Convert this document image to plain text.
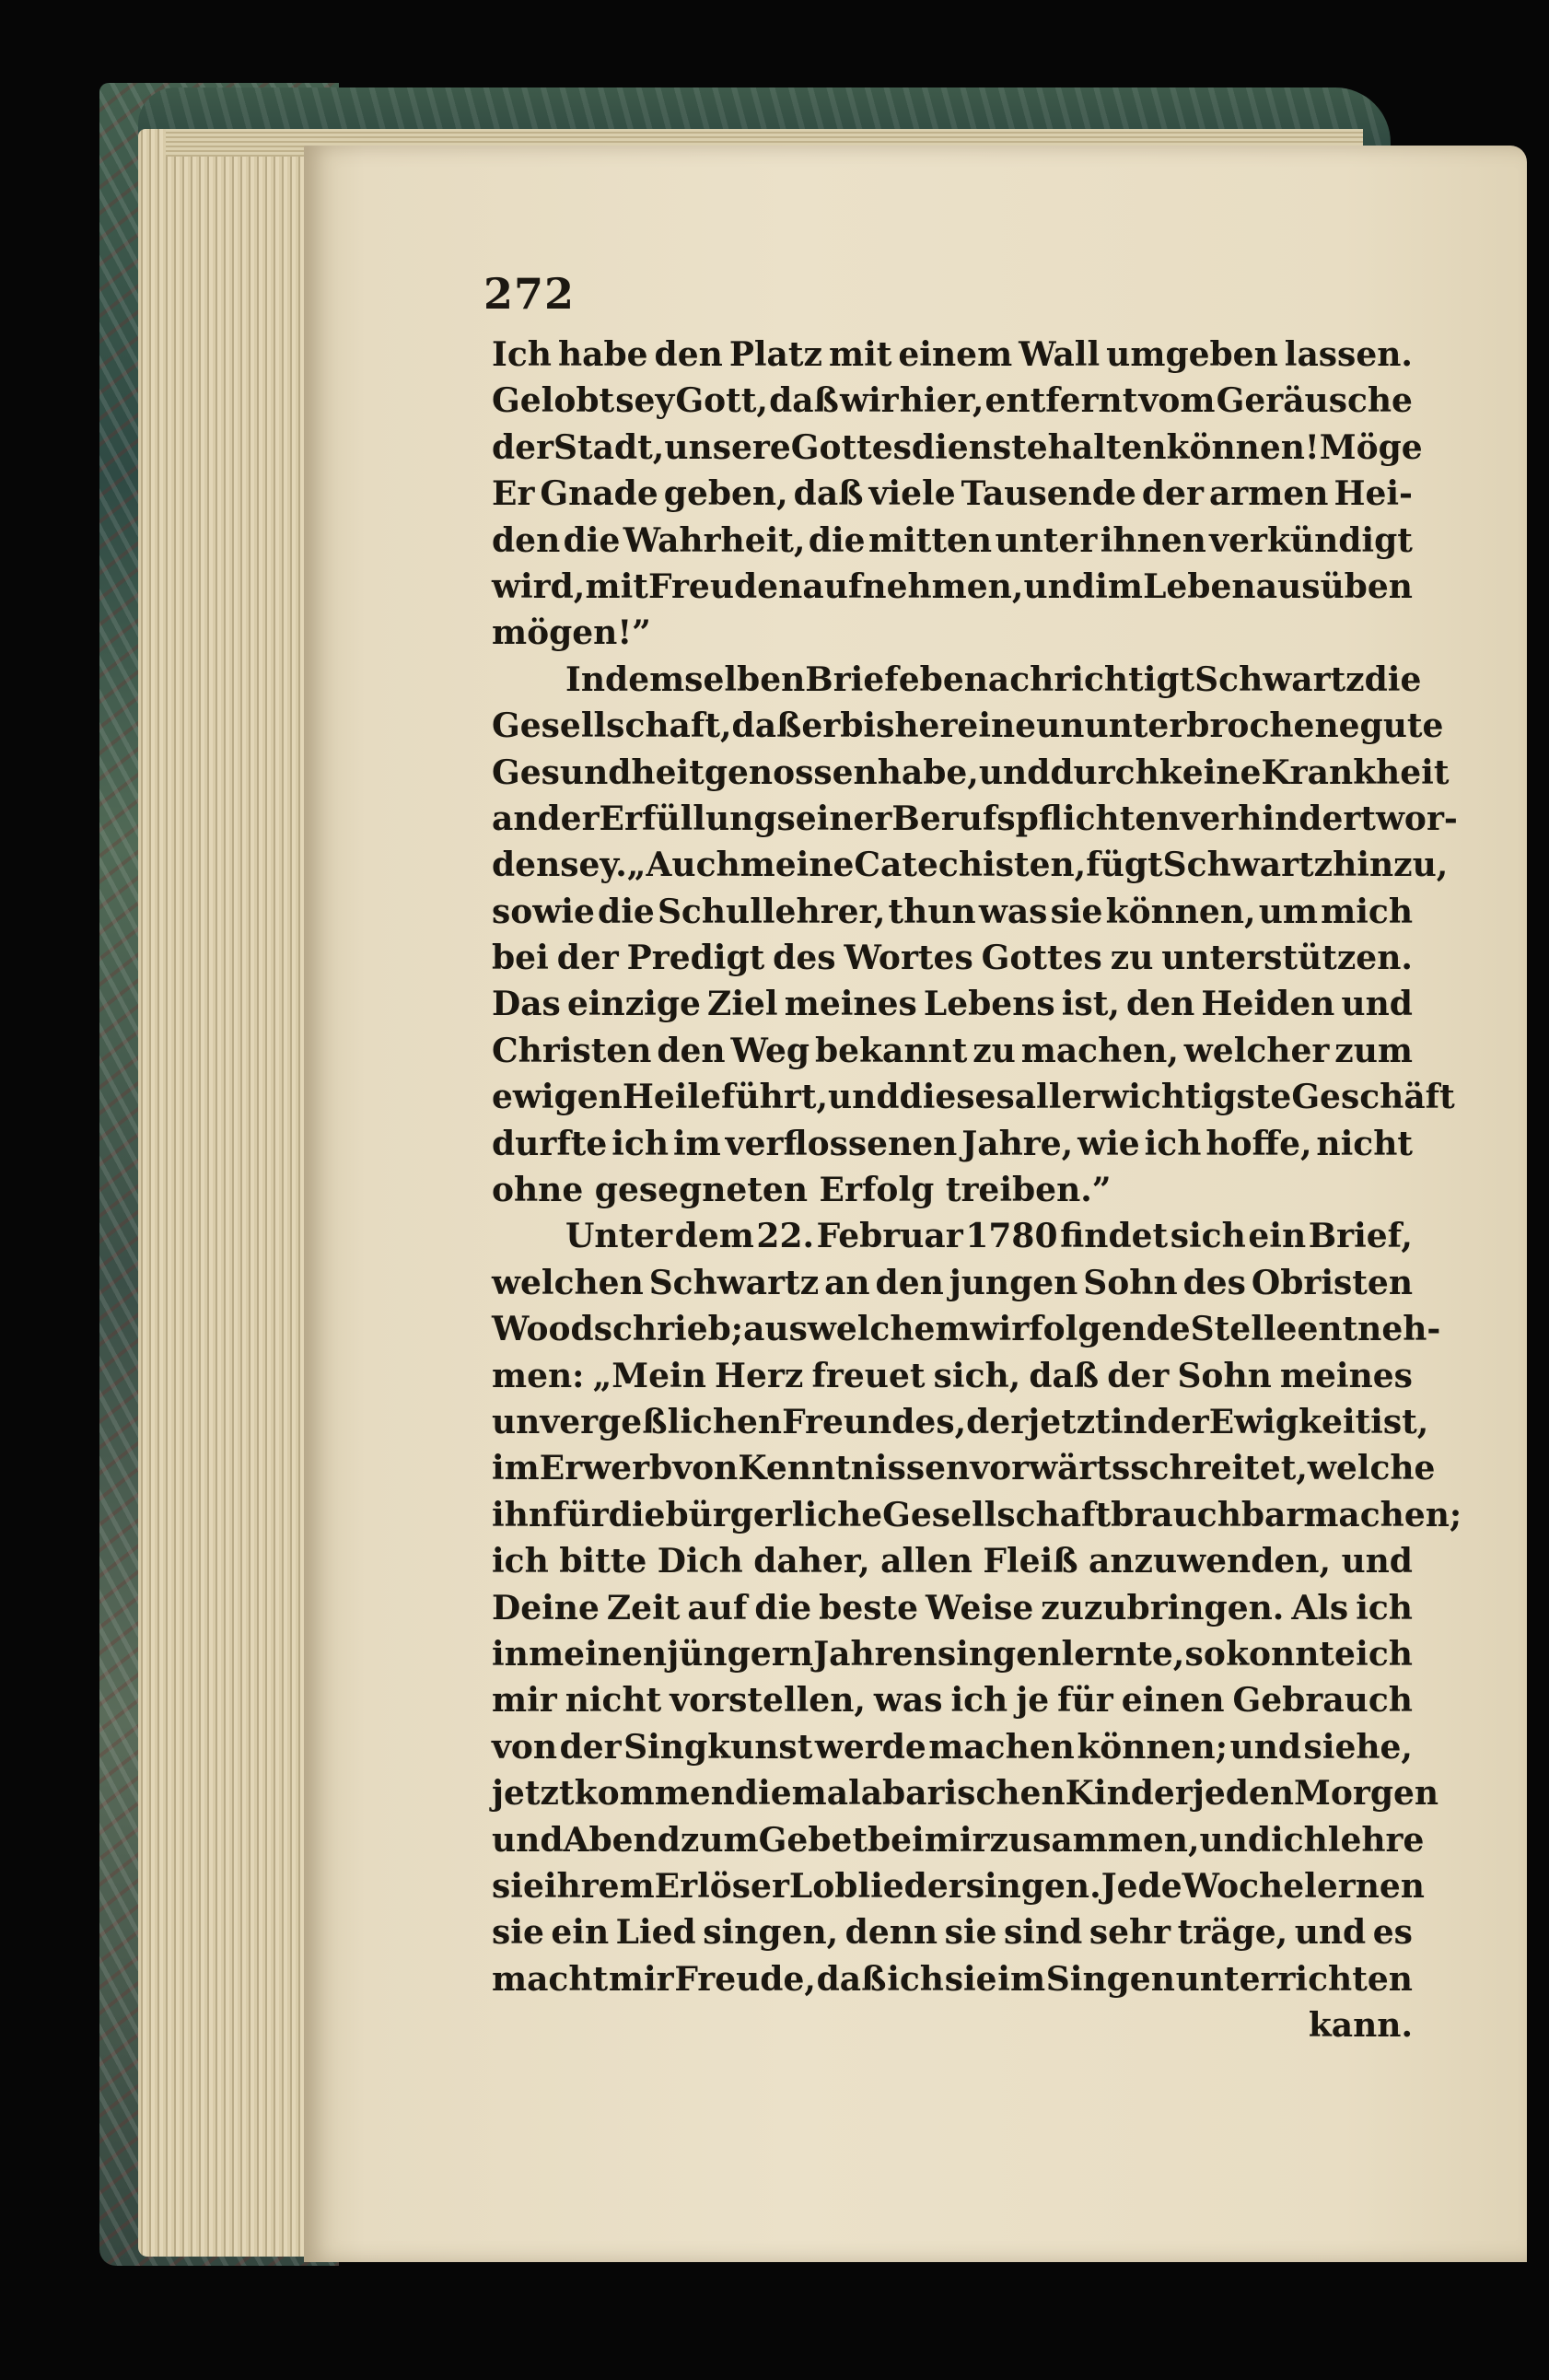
272
Ich habe den Platz mit einem Wall umgeben lassen.
Gelobt sey Gott, daß wir hier, entfernt vom Geräusche
der Stadt, unsere Gottesdienste halten können! Möge
Er Gnade geben, daß viele Tausende der armen Hei-
den die Wahrheit, die mitten unter ihnen verkündigt
wird, mit Freuden aufnehmen, und im Leben ausüben
mögen!”
In demselben Briefe benachrichtigt Schwartz die
Gesellschaft, daß er bisher eine ununterbrochene gute
Gesundheit genossen habe, und durch keine Krankheit
an der Erfüllung seiner Berufspflichten verhindert wor-
den sey. „Auch meine Catechisten, fügt Schwartz hinzu,
sowie die Schullehrer, thun was sie können, um mich
bei der Predigt des Wortes Gottes zu unterstützen.
Das einzige Ziel meines Lebens ist, den Heiden und
Christen den Weg bekannt zu machen, welcher zum
ewigen Heile führt, und dieses allerwichtigste Geschäft
durfte ich im verflossenen Jahre, wie ich hoffe, nicht
ohne gesegneten Erfolg treiben.”
Unter dem 22. Februar 1780 findet sich ein Brief,
welchen Schwartz an den jungen Sohn des Obristen
Wood schrieb; aus welchem wir folgende Stelle entneh-
men: „Mein Herz freuet sich, daß der Sohn meines
unvergeßlichen Freundes, der jetzt in der Ewigkeit ist,
im Erwerb von Kenntnissen vorwärts schreitet, welche
ihn für die bürgerliche Gesellschaft brauchbar machen;
ich bitte Dich daher, allen Fleiß anzuwenden, und
Deine Zeit auf die beste Weise zuzubringen. Als ich
in meinen jüngern Jahren singen lernte, so konnte ich
mir nicht vorstellen, was ich je für einen Gebrauch
von der Singkunst werde machen können; und siehe,
jetzt kommen die malabarischen Kinder jeden Morgen
und Abend zum Gebet bei mir zusammen, und ich lehre
sie ihrem Erlöser Loblieder singen. Jede Woche lernen
sie ein Lied singen, denn sie sind sehr träge, und es
macht mir Freude, daß ich sie im Singen unterrichten
kann.
